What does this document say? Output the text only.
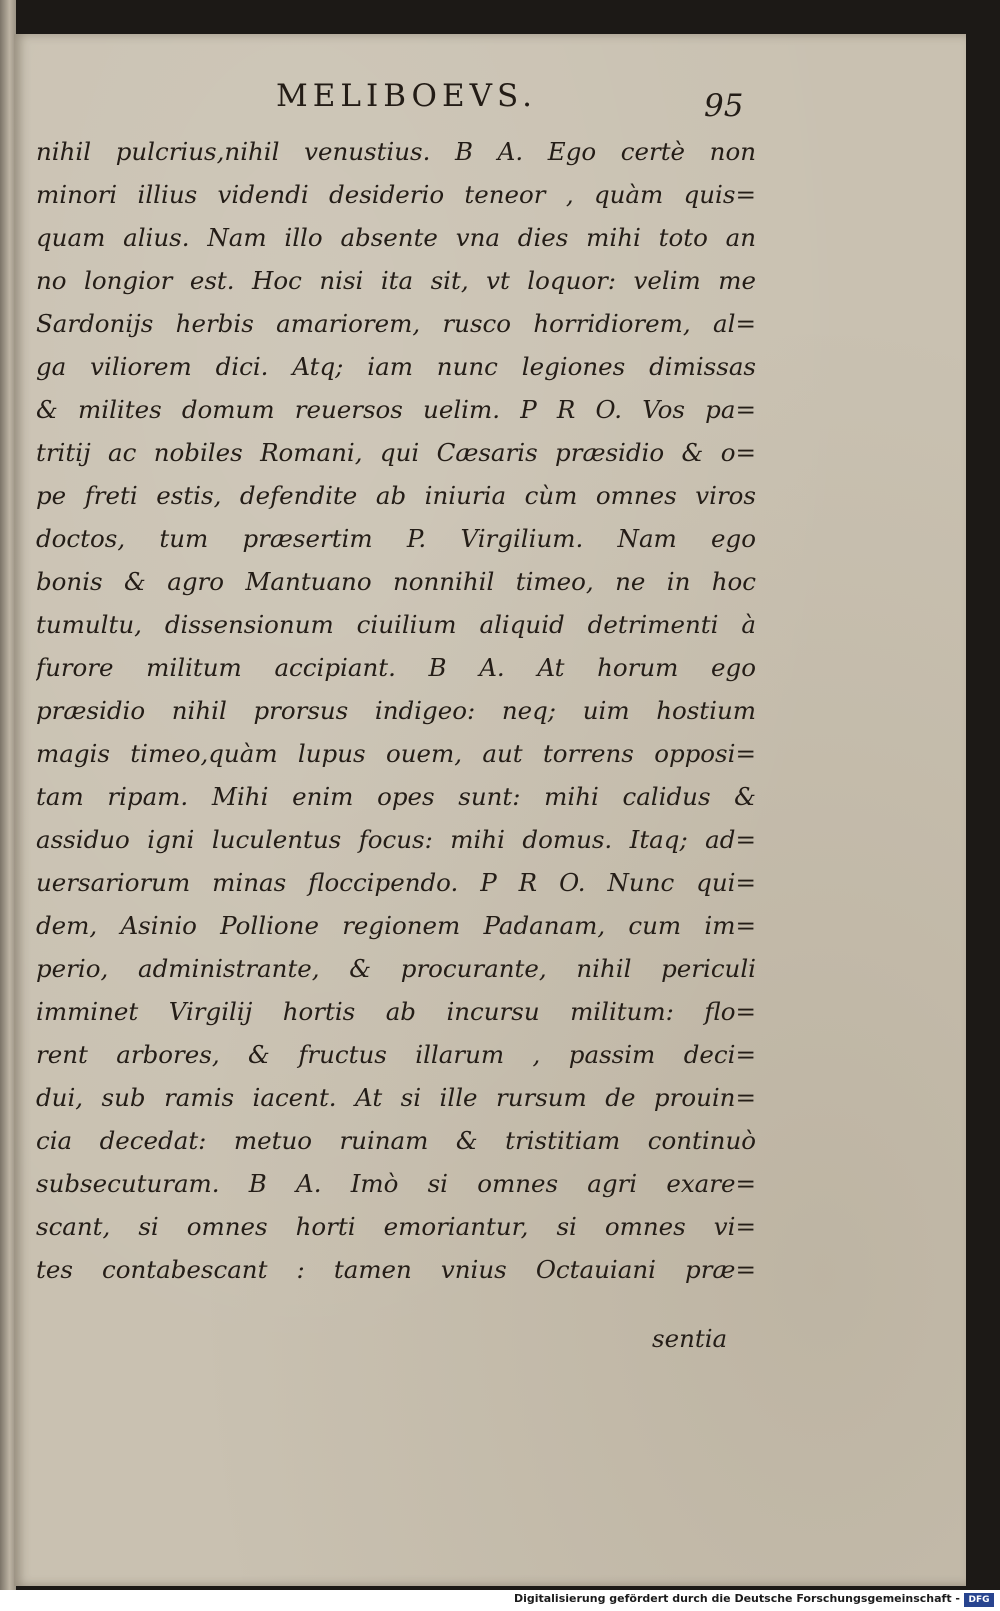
MELIBOEVS.	95
nihil pulcrius,nihil venustius. B A. Ego certè non
minori illius videndi desiderio teneor , quàm quis=
quam alius. Nam illo absente vna dies mihi toto an
no longior est. Hoc nisi ita sit, vt loquor: velim me
Sardonijs herbis amariorem, rusco horridiorem, al=
ga viliorem dici. Atq; iam nunc legiones dimissas
& milites domum reuersos uelim. P R O. Vos pa=
tritij ac nobiles Romani, qui Cæsaris præsidio & o=
pe freti estis, defendite ab iniuria cùm omnes viros
doctos, tum præsertim P. Virgilium. Nam ego
bonis & agro Mantuano nonnihil timeo, ne in hoc
tumultu, dissensionum ciuilium aliquid detrimenti à
furore militum accipiant. B A. At horum ego
præsidio nihil prorsus indigeo: neq; uim hostium
magis timeo,quàm lupus ouem, aut torrens opposi=
tam ripam. Mihi enim opes sunt: mihi calidus &
assiduo igni luculentus focus: mihi domus. Itaq; ad=
uersariorum minas floccipendo. P R O. Nunc qui=
dem, Asinio Pollione regionem Padanam, cum im=
perio, administrante, & procurante, nihil periculi
imminet Virgilij hortis ab incursu militum: flo=
rent arbores, & fructus illarum , passim deci=
dui, sub ramis iacent. At si ille rursum de prouin=
cia decedat: metuo ruinam & tristitiam continuò
subsecuturam. B A. Imò si omnes agri exare=
scant, si omnes horti emoriantur, si omnes vi=
tes contabescant : tamen vnius Octauiani præ=
sentia
Digitalisierung gefördert durch die Deutsche Forschungsgemeinschaft - DFG
